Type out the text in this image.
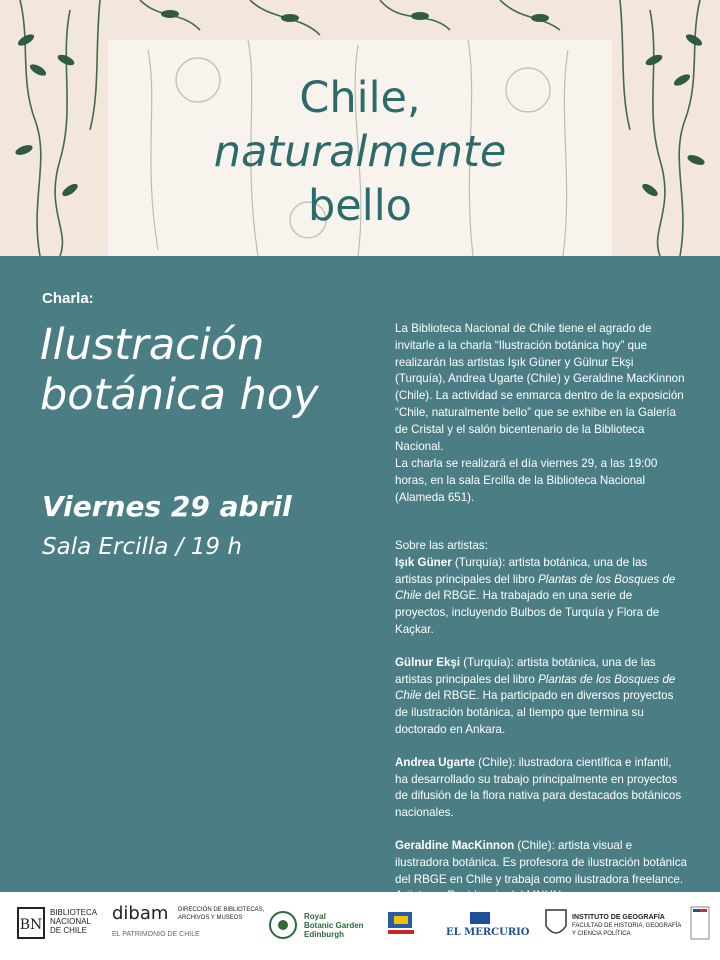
Chile,
naturalmente
bello
Charla:
Ilustración
botánica hoy
Viernes 29 abril
Sala Ercilla / 19 h
La Biblioteca Nacional de Chile tiene el agrado de invitarle a la charla “Ilustración botánica hoy” que realizarán las artistas Işık Güner y Gülnur Ekşi (Turquía), Andrea Ugarte (Chile) y Geraldine MacKinnon (Chile). La actividad se enmarca dentro de la exposición “Chile, naturalmente bello” que se exhibe en la Galería de Cristal y el salón bicentenario de la Biblioteca Nacional.
La charla se realizará el día viernes 29, a las 19:00 horas, en la sala Ercilla de la Biblioteca Nacional (Alameda 651).
Sobre las artistas:
Işık Güner (Turquía): artista botánica, una de las artistas principales del libro Plantas de los Bosques de Chile del RBGE. Ha trabajado en una serie de proyectos, incluyendo Bulbos de Turquía y Flora de Kaçkar.
Gülnur Ekşi (Turquía): artista botánica, una de las artistas principales del libro Plantas de los Bosques de Chile del RBGE. Ha participado en diversos proyectos de ilustración botánica, al tiempo que termina su doctorado en Ankara.
Andrea Ugarte (Chile): ilustradora científica e infantil, ha desarrollado su trabajo principalmente en proyectos de difusión de la flora nativa para destacados botánicos nacionales.
Geraldine MacKinnon (Chile): artista visual e ilustradora botánica. Es profesora de ilustración botánica del RBGE en Chile y trabaja como ilustradora freelance.
BN
BIBLIOTECA
NACIONAL
DE CHILE
dibam DIRECCIÓN DE BIBLIOTECAS,
ARCHIVOS Y MUSEOS
EL PATRIMONIO DE CHILE
Royal
Botanic Garden
Edinburgh	EL MERCURIO
INSTITUTO DE GEOGRAFÍA
FACULTAD DE HISTORIA, GEOGRAFÍA
Y CIENCIA POLÍTICA
